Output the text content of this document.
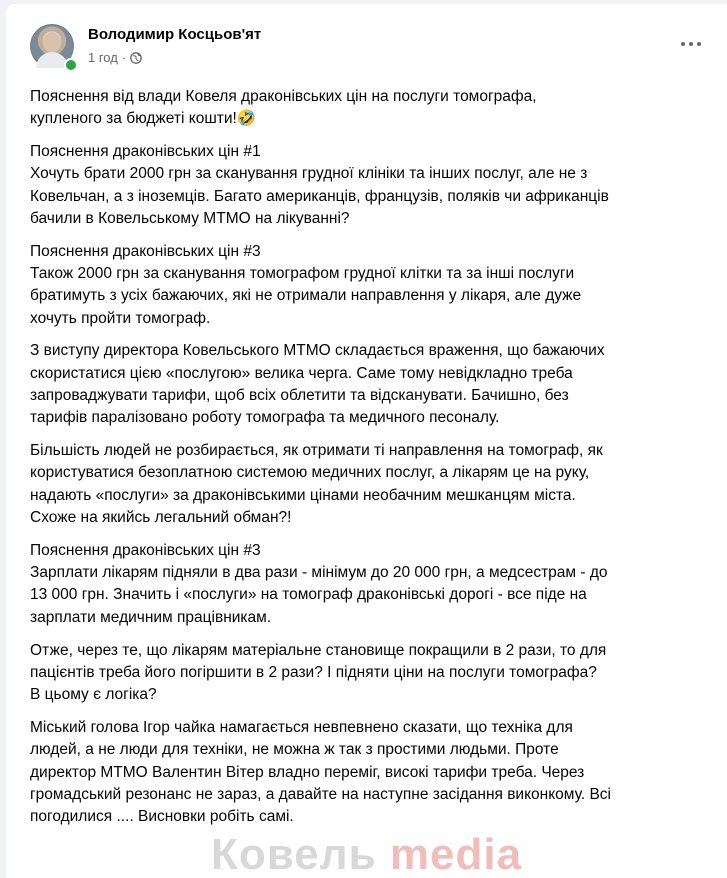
Володимир Косцьов'ят
1 год ·

Пояснення від влади Ковеля драконівських цін на послуги томографа,
купленого за бюджеті кошти!🤣

Пояснення драконівських цін #1
Хочуть брати 2000 грн за сканування грудної клініки та інших послуг, але не з
Ковельчан, а з іноземців. Багато американців, французів, поляків чи африканців
бачили в Ковельському МТМО на лікуванні?

Пояснення драконівських цін #3
Також 2000 грн за сканування томографом грудної клітки та за інші послуги
братимуть з усіх бажаючих, які не отримали направлення у лікаря, але дуже
хочуть пройти томограф.

З виступу директора Ковельського МТМО складається враження, що бажаючих
скористатися цією «послугою» велика черга. Саме тому невідкладно треба
запроваджувати тарифи, щоб всіх облетити та відсканувати. Бачишно, без
тарифів паралізовано роботу томографа та медичного песоналу.

Більшість людей не розбирається, як отримати ті направлення на томограф, як
користуватися безоплатною системою медичних послуг, а лікарям це на руку,
надають «послуги» за драконівськими цінами необачним мешканцям міста.
Схоже на якийсь легальний обман?!

Пояснення драконівських цін #3
Зарплати лікарям підняли в два рази - мінімум до 20 000 грн, а медсестрам - до
13 000 грн. Значить і «послуги» на томограф драконівські дорогі - все піде на
зарплати медичним працівникам.

Отже, через те, що лікарям матеріальне становище покращили в 2 рази, то для
пацієнтів треба його погіршити в 2 рази? І підняти ціни на послуги томографа?
В цьому є логіка?

Міський голова Ігор чайка намагається невпевнено сказати, що техніка для
людей, а не люди для техніки, не можна ж так з простими людьми. Проте
директор МТМО Валентин Вітер владно переміг, високі тарифи треба. Через
громадський резонанс не зараз, а давайте на наступне засідання виконкому. Всі
погодилися .... Висновки робіть самі.

Ковель media
